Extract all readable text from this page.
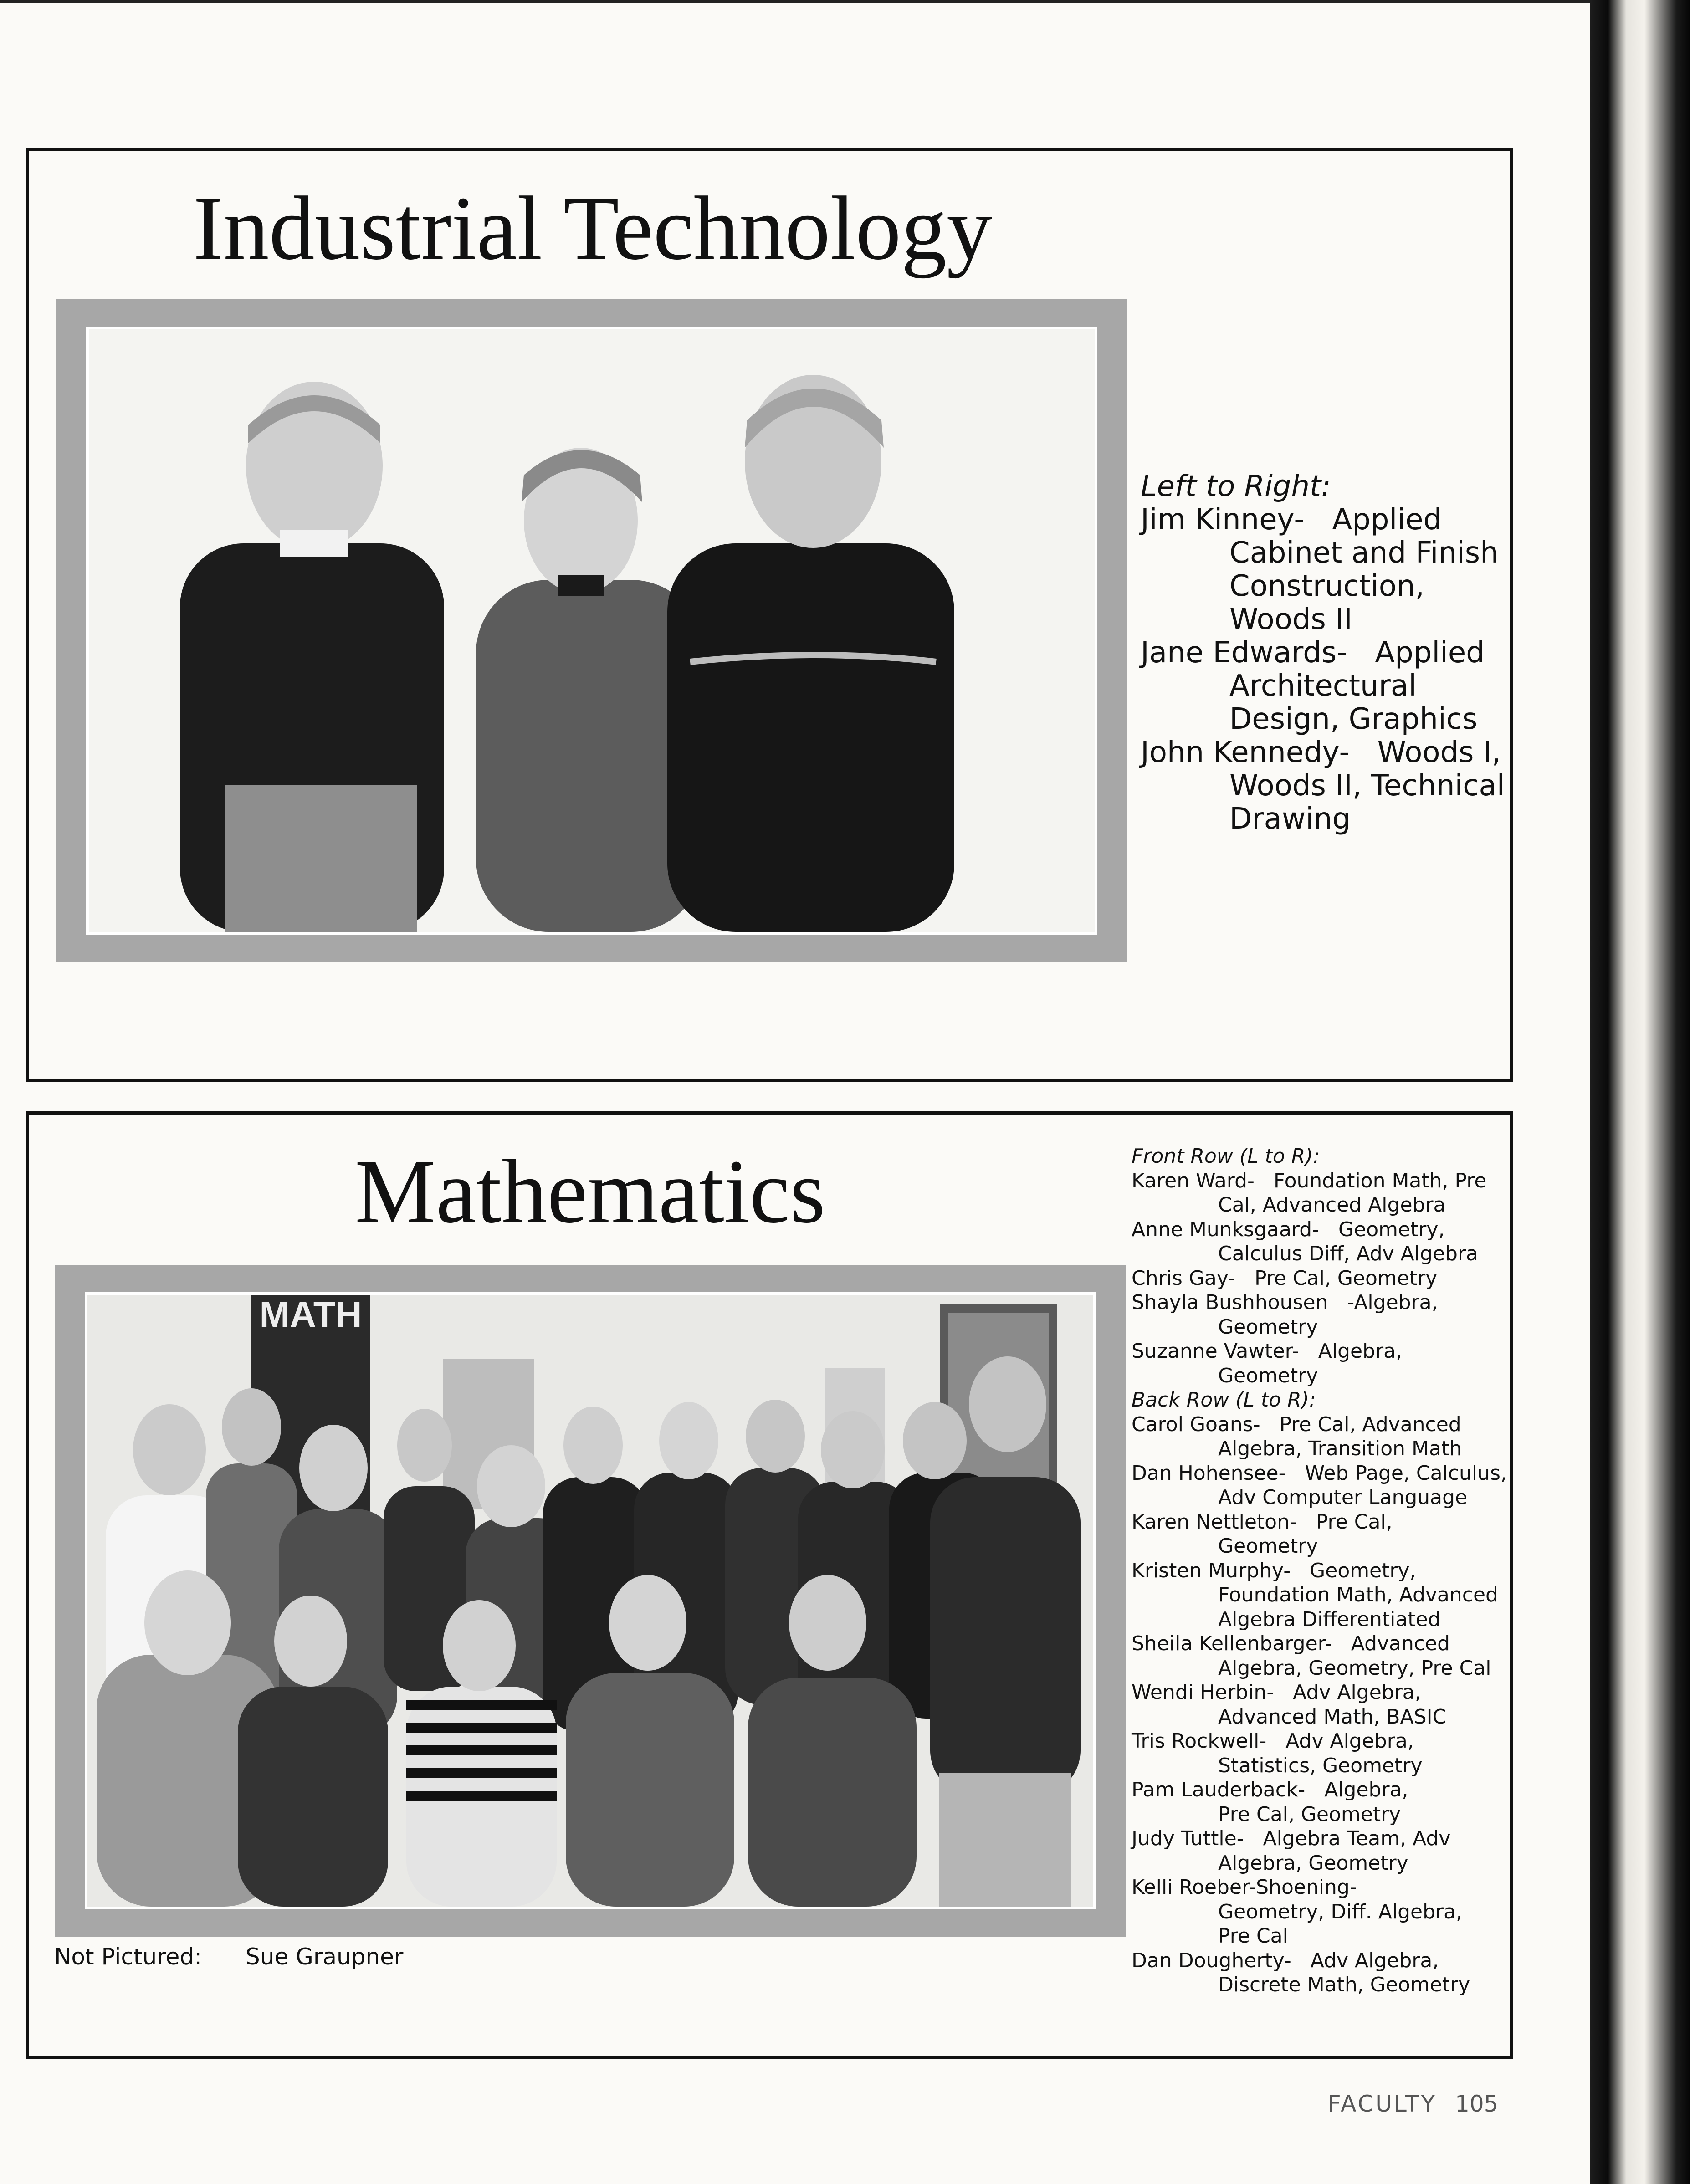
Industrial Technology
Left to Right:
Jim Kinney- Applied
Cabinet and Finish
Construction,
Woods II
Jane Edwards- Applied
Architectural
Design, Graphics
John Kennedy- Woods I,
Woods II, Technical
Drawing
Mathematics
MATH
Not Pictured: Sue Graupner
Front Row (L to R):
Karen Ward- Foundation Math, Pre
Cal, Advanced Algebra
Anne Munksgaard- Geometry,
Calculus Diff, Adv Algebra
Chris Gay- Pre Cal, Geometry
Shayla Bushhousen -Algebra,
Geometry
Suzanne Vawter- Algebra,
Geometry
Back Row (L to R):
Carol Goans- Pre Cal, Advanced
Algebra, Transition Math
Dan Hohensee- Web Page, Calculus,
Adv Computer Language
Karen Nettleton- Pre Cal,
Geometry
Kristen Murphy- Geometry,
Foundation Math, Advanced
Algebra Differentiated
Sheila Kellenbarger- Advanced
Algebra, Geometry, Pre Cal
Wendi Herbin- Adv Algebra,
Advanced Math, BASIC
Tris Rockwell- Adv Algebra,
Statistics, Geometry
Pam Lauderback- Algebra,
Pre Cal, Geometry
Judy Tuttle- Algebra Team, Adv
Algebra, Geometry
Kelli Roeber-Shoening-
Geometry, Diff. Algebra,
Pre Cal
Dan Dougherty- Adv Algebra,
Discrete Math, Geometry
FACULTY 105
